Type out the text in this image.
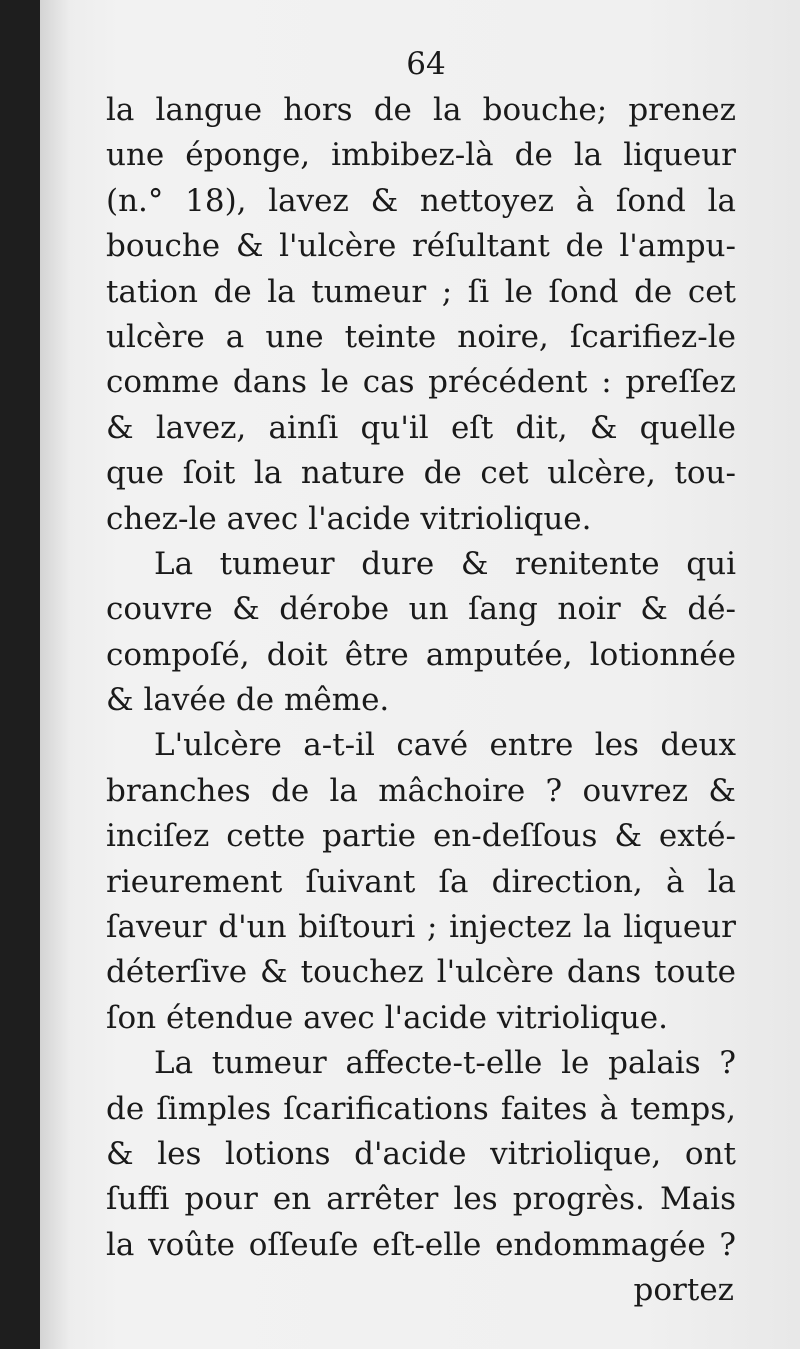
64
la langue hors de la bouche; prenez
une éponge, imbibez-là de la liqueur
(n.° 18), lavez & nettoyez à ſond la
bouche & l'ulcère réſultant de l'ampu-
tation de la tumeur ; ſi le ſond de cet
ulcère a une teinte noire, ſcarifiez-le
comme dans le cas précédent : preſſez
& lavez, ainſi qu'il eſt dit, & quelle
que ſoit la nature de cet ulcère, tou-
chez-le avec l'acide vitriolique.
La tumeur dure & renitente qui
couvre & dérobe un ſang noir & dé-
compoſé, doit être amputée, lotionnée
& lavée de même.
L'ulcère a-t-il cavé entre les deux
branches de la mâchoire ? ouvrez &
inciſez cette partie en-deſſous & exté-
rieurement ſuivant ſa direction, à la
ſaveur d'un biſtouri ; injectez la liqueur
déterſive & touchez l'ulcère dans toute
ſon étendue avec l'acide vitriolique.
La tumeur affecte-t-elle le palais ?
de ſimples ſcarifications faites à temps,
& les lotions d'acide vitriolique, ont
ſuffi pour en arrêter les progrès. Mais
la voûte oſſeuſe eſt-elle endommagée ?
portez
